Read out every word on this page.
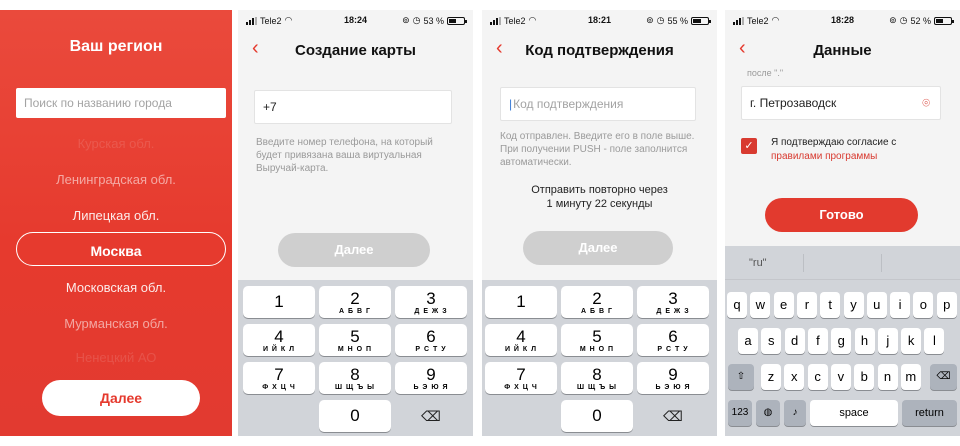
Ваш регион
Поиск по названию города
Курская обл.
Ленинградская обл.
Липецкая обл.
Москва
Московская обл.
Мурманская обл.
Ненецкий АО
Далее
Tele2 ◠	18:24	⊚ ◷ 53 %
‹	Создание карты
+7
Введите номер телефона, на который будет привязана ваша виртуальная Выручай-карта.
Далее
1	2
А Б В Г
3
Д Е Ж З
4
И Й К Л
5
М Н О П
6
Р С Т У
7
Ф Х Ц Ч
8
Ш Щ Ъ Ы
9
Ь Э Ю Я
0	⌫
Tele2 ◠	18:21	⊚ ◷ 55 %
‹	Код подтверждения
| Код подтверждения
Код отправлен. Введите его в поле выше. При получении PUSH - поле заполнится автоматически.
Отправить повторно через
1 минуту 22 секунды
Далее
1	2
А Б В Г
3
Д Е Ж З
4
И Й К Л
5
М Н О П
6
Р С Т У
7
Ф Х Ц Ч
8
Ш Щ Ъ Ы
9
Ь Э Ю Я
0	⌫
Tele2 ◠	18:28	⊚ ◷ 52 %
‹	Данные
после "."
г. Петрозаводск	⌾
✓	Я подтверждаю согласие с
правилами программы
Готово
"ru"
123	◍	♪	space	return
q	w	e	r	t	y	u	i	o	p
a	s	d	f	g	h	j	k	l
z	x	c	v	b	n	m
⇧	⌫
